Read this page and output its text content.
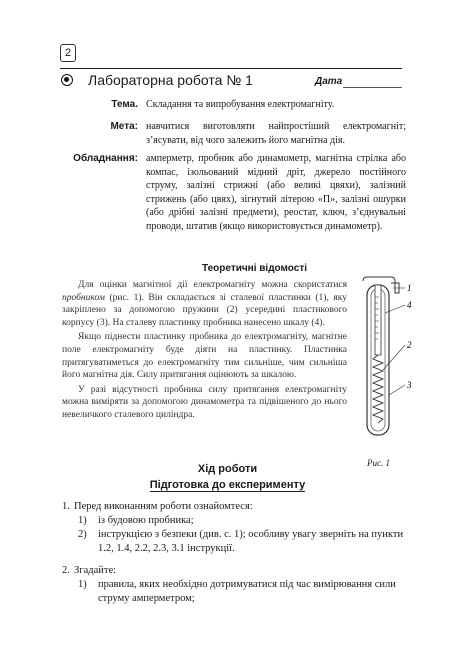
2
Лабораторна робота № 1	Дата
Тема. Складання та випробування електромагніту.
Мета: навчитися виготовляти найпростіший електромагніт; з’ясувати, від чого залежить його магнітна дія.
Обладнання: амперметр, пробник або динамометр, магнітна стрілка або компас, ізольований мідний дріт, джерело постійного струму, залізні стрижні (або великі цвяхи), залізний стрижень (або цвях), зігнутий літерою «П», залізні ошурки (або дрібні залізні предмети), реостат, ключ, з’єднувальні проводи, штатив (якщо використовується динамометр).
Теоретичні відомості

Для оцінки магнітної дії електромагніту можна скористатися пробником (рис. 1). Він складається зі сталевої пластинки (1), яку закріплено за допомогою пружини (2) усередині пластикового корпусу (3). На сталеву пластинку пробника нанесено шкалу (4).

Якщо піднести пластинку пробника до електромагніту, магнітне поле електромагніту буде діяти на пластинку. Пластинка притягуватиметься до електромагніту тим сильніше, чим сильніша його магнітна дія. Силу притягання оцінюють за шкалою.

У разі відсутності пробника силу притягання електромагніту можна виміряти за допомогою динамометра та підвішеного до нього невеличкого сталевого циліндра.

1
4
2
3
Рис. 1
Хід роботи
Підготовка до експерименту
1. Перед виконанням роботи ознайомтеся:
1) із будовою пробника;
2) інструкцією з безпеки (див. с. 1); особливу увагу зверніть на пункти 1.2, 1.4, 2.2, 2.3, 3.1 інструкції.
2. Згадайте:
1) правила, яких необхідно дотримуватися під час вимірювання сили струму амперметром;
